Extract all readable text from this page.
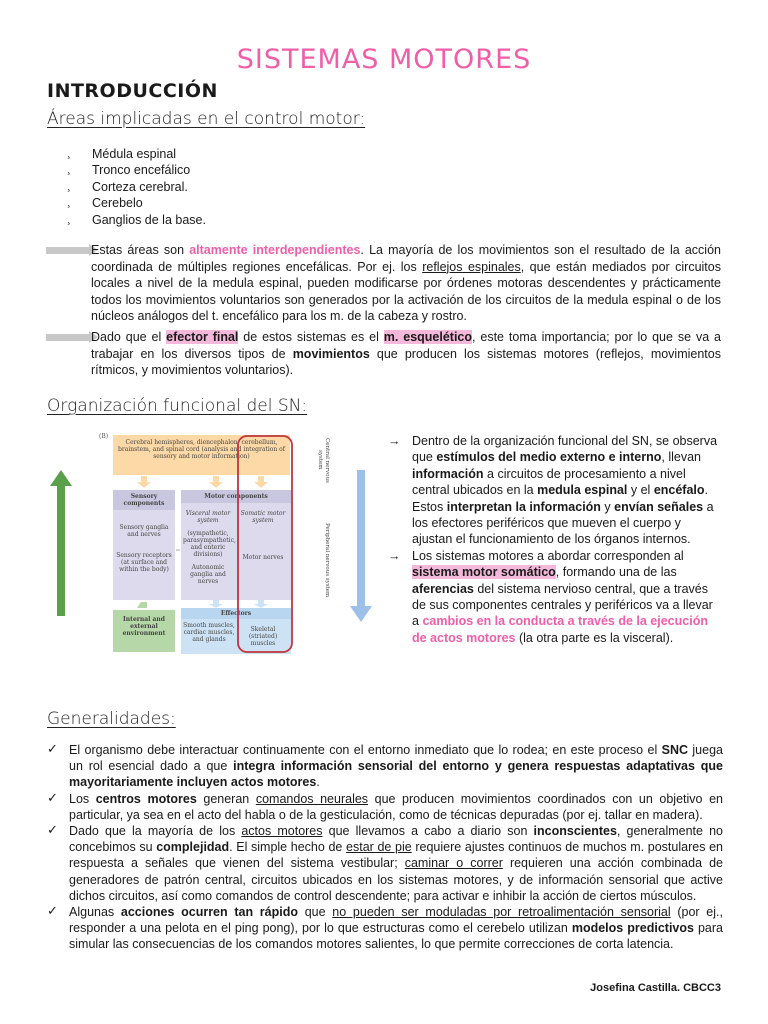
SISTEMAS MOTORES
INTRODUCCIÓN
Áreas implicadas en el control motor:
¸ Médula espinal
¸ Tronco encefálico
¸ Corteza cerebral.
¸ Cerebelo
¸ Ganglios de la base.
Estas áreas son altamente interdependientes. La mayoría de los movimientos son el resultado de la acción coordinada de múltiples regiones encefálicas. Por ej. los reflejos espinales, que están mediados por circuitos locales a nivel de la medula espinal, pueden modificarse por órdenes motoras descendentes y prácticamente todos los movimientos voluntarios son generados por la activación de los circuitos de la medula espinal o de los núcleos análogos del t. encefálico para los m. de la cabeza y rostro.
Dado que el efector final de estos sistemas es el m. esquelético, este toma importancia; por lo que se va a trabajar en los diversos tipos de movimientos que producen los sistemas motores (reflejos, movimientos rítmicos, y movimientos voluntarios).
Organización funcional del SN:
(B)
Cerebral hemispheres, diencephalon, cerebellum, brainstem, and spinal cord (analysis and integration of sensory and motor information)	Central nervous system
Peripheral nervous system
Sensory components
Sensory ganglia and nerves
Sensory receptors (at surface and within the body)
Motor components
Visceral motor system
(sympathetic, parasympathetic, and enteric divisions)
Autonomic ganglia and nerves
Somatic motor system
Motor nerves
Internal and external environment
Effectors
Smooth muscles, cardiac muscles, and glands
Skeletal (striated) muscles
→ Dentro de la organización funcional del SN, se observa que estímulos del medio externo e interno, llevan información a circuitos de procesamiento a nivel central ubicados en la medula espinal y el encéfalo. Estos interpretan la información y envían señales a los efectores periféricos que mueven el cuerpo y ajustan el funcionamiento de los órganos internos.
→ Los sistemas motores a abordar corresponden al sistema motor somático, formando una de las aferencias del sistema nervioso central, que a través de sus componentes centrales y periféricos va a llevar a cambios en la conducta a través de la ejecución de actos motores (la otra parte es la visceral).
Generalidades:
✓ El organismo debe interactuar continuamente con el entorno inmediato que lo rodea; en este proceso el SNC juega un rol esencial dado a que integra información sensorial del entorno y genera respuestas adaptativas que mayoritariamente incluyen actos motores.
✓ Los centros motores generan comandos neurales que producen movimientos coordinados con un objetivo en particular, ya sea en el acto del habla o de la gesticulación, como de técnicas depuradas (por ej. tallar en madera).
✓ Dado que la mayoría de los actos motores que llevamos a cabo a diario son inconscientes, generalmente no concebimos su complejidad. El simple hecho de estar de pie requiere ajustes continuos de muchos m. postulares en respuesta a señales que vienen del sistema vestibular; caminar o correr requieren una acción combinada de generadores de patrón central, circuitos ubicados en los sistemas motores, y de información sensorial que active dichos circuitos, así como comandos de control descendente; para activar e inhibir la acción de ciertos músculos.
✓ Algunas acciones ocurren tan rápido que no pueden ser moduladas por retroalimentación sensorial (por ej., responder a una pelota en el ping pong), por lo que estructuras como el cerebelo utilizan modelos predictivos para simular las consecuencias de los comandos motores salientes, lo que permite correcciones de corta latencia.
Josefina Castilla. CBCC3
